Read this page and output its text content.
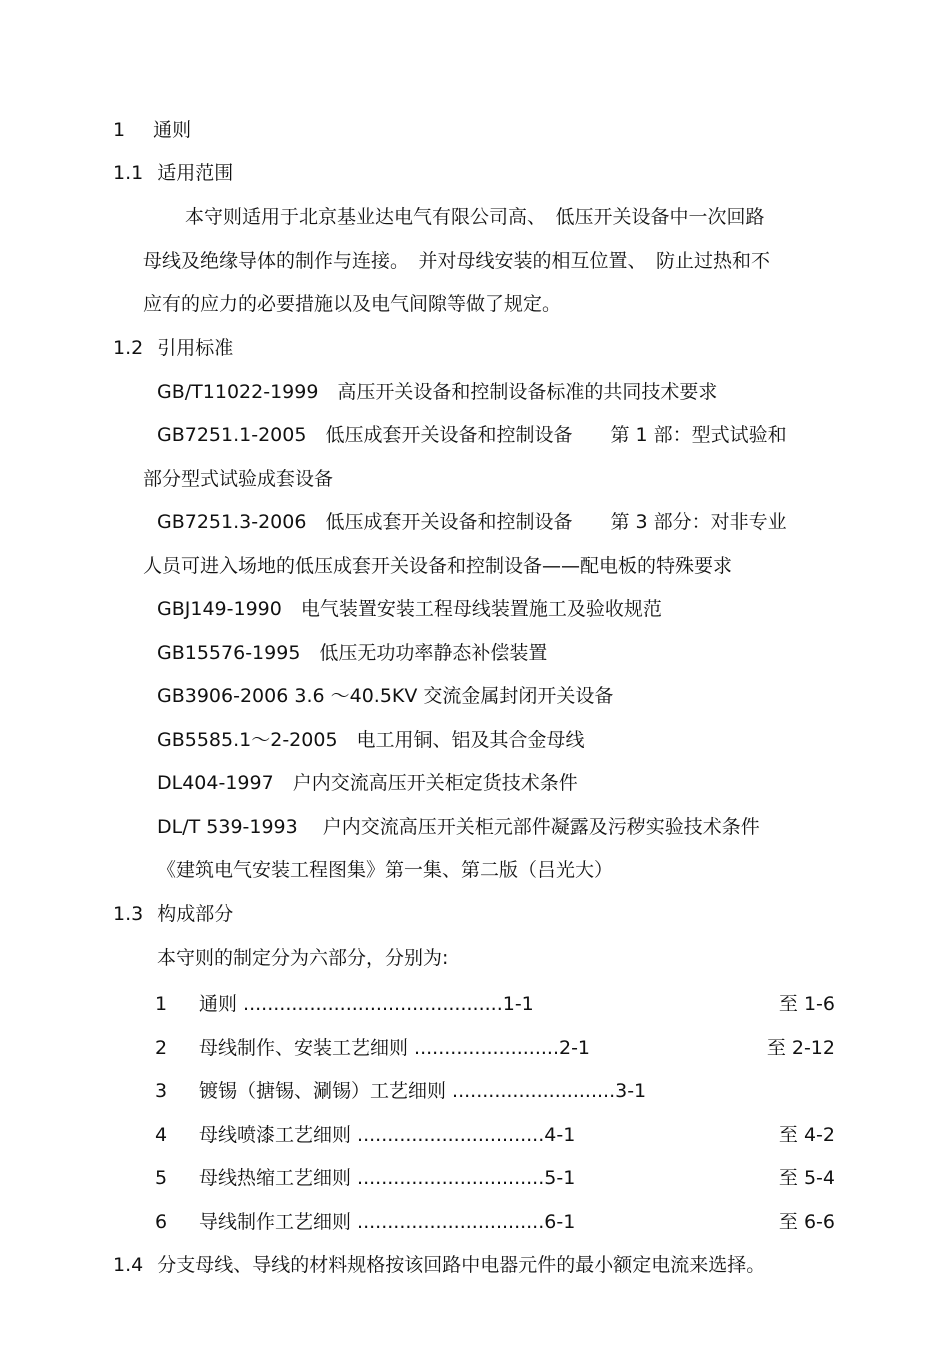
1 通则
1.1 适用范围
本守则适用于北京基业达电气有限公司高、　低压开关设备中一次回路
母线及绝缘导体的制作与连接。　并对母线安装的相互位置、　防止过热和不
应有的应力的必要措施以及电气间隙等做了规定。
1.2 引用标准
GB/T11022-1999　高压开关设备和控制设备标准的共同技术要求
GB7251.1-2005　低压成套开关设备和控制设备　　第 1 部：型式试验和
部分型式试验成套设备
GB7251.3-2006　低压成套开关设备和控制设备　　第 3 部分：对非专业
人员可进入场地的低压成套开关设备和控制设备——配电板的特殊要求
GBJ149-1990　电气装置安装工程母线装置施工及验收规范
GB15576-1995　低压无功功率静态补偿装置
GB3906-2006 3.6 ～40.5KV 交流金属封闭开关设备
GB5585.1～2-2005　电工用铜、铝及其合金母线
DL404-1997　户内交流高压开关柜定货技术条件
DL/T 539-1993　 户内交流高压开关柜元部件凝露及污秽实验技术条件
《建筑电气安装工程图集》第一集、第二版（吕光大）
1.3 构成部分
本守则的制定分为六部分，分别为:
1 通则 ...........................................1-1	至 1-6
2 母线制作、安装工艺细则 ........................2-1	至 2-12
3 镀锡（搪锡、涮锡）工艺细则 ...........................3-1
4 母线喷漆工艺细则 ...............................4-1	至 4-2
5 母线热缩工艺细则 ...............................5-1	至 5-4
6 导线制作工艺细则 ...............................6-1	至 6-6
1.4 分支母线、导线的材料规格按该回路中电器元件的最小额定电流来选择。
